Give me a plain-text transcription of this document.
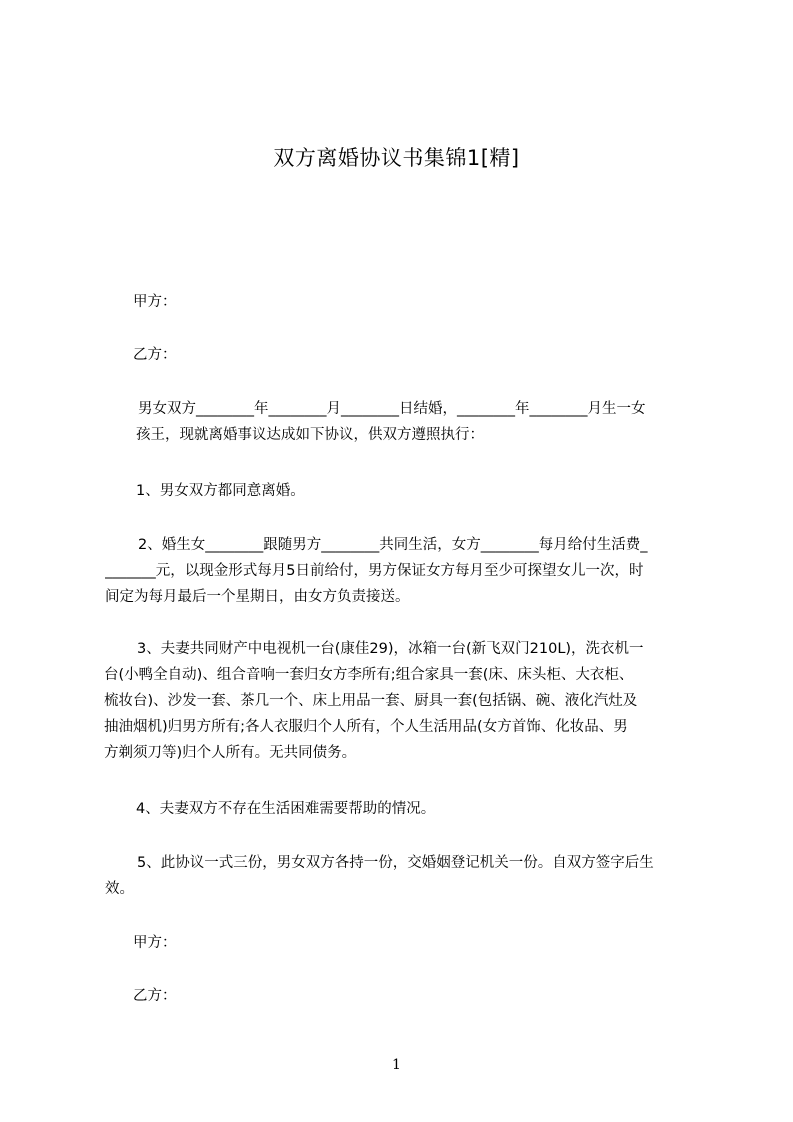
双方离婚协议书集锦1[精]
甲方：
乙方：
男女双方________年________月________日结婚，________年________月生一女
孩王，现就离婚事议达成如下协议，供双方遵照执行：
1、男女双方都同意离婚。
2、婚生女________跟随男方________共同生活，女方________每月给付生活费_
_______元，以现金形式每月5日前给付，男方保证女方每月至少可探望女儿一次，时
间定为每月最后一个星期日，由女方负责接送。
3、夫妻共同财产中电视机一台(康佳29)，冰箱一台(新飞双门210L)，洗衣机一
台(小鸭全自动)、组合音响一套归女方李所有;组合家具一套(床、床头柜、大衣柜、
梳妆台)、沙发一套、茶几一个、床上用品一套、厨具一套(包括锅、碗、液化汽灶及
抽油烟机)归男方所有;各人衣服归个人所有，个人生活用品(女方首饰、化妆品、男
方剃须刀等)归个人所有。无共同债务。
4、夫妻双方不存在生活困难需要帮助的情况。
5、此协议一式三份，男女双方各持一份，交婚姻登记机关一份。自双方签字后生
效。
甲方：
乙方：
1
